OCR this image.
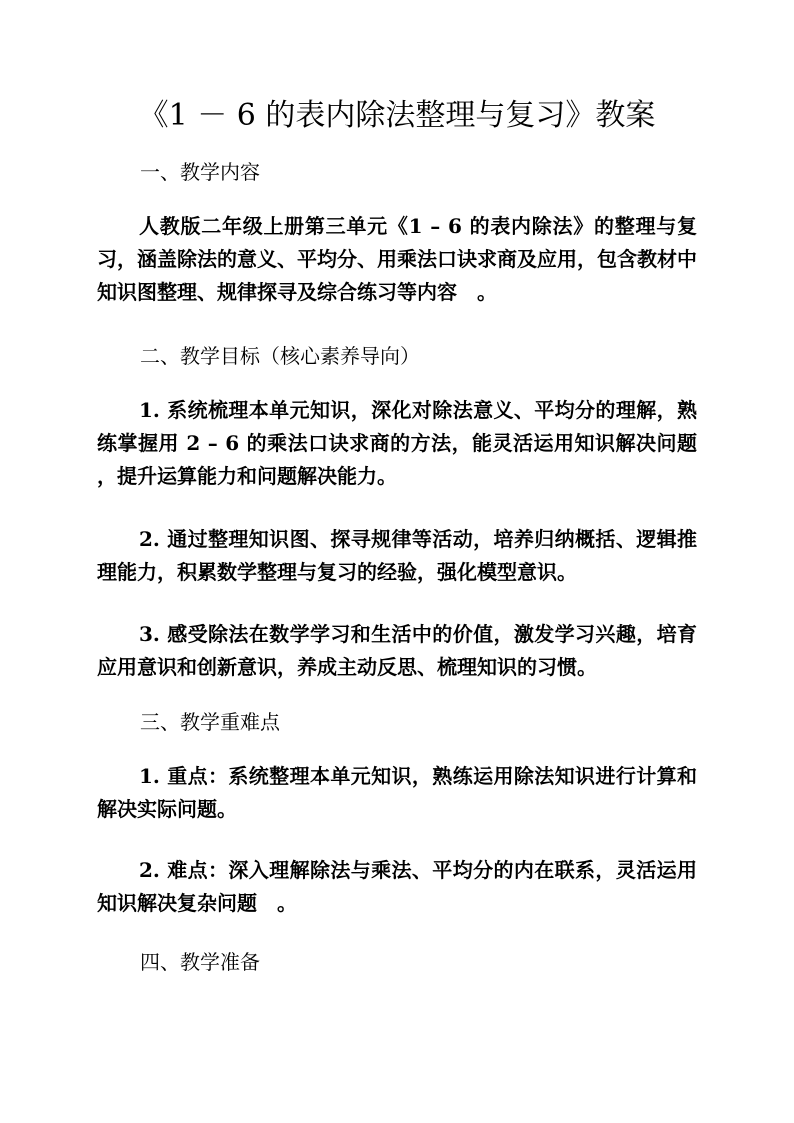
《1 － 6 的表内除法整理与复习》教案
一、教学内容

人教版二年级上册第三单元《1 – 6 的表内除法》的整理与复习，涵盖除法的意义、平均分、用乘法口诀求商及应用，包含教材中知识图整理、规律探寻及综合练习等内容　。

二、教学目标（核心素养导向）

1. 系统梳理本单元知识，深化对除法意义、平均分的理解，熟练掌握用 2 – 6 的乘法口诀求商的方法，能灵活运用知识解决问题，提升运算能力和问题解决能力。

2. 通过整理知识图、探寻规律等活动，培养归纳概括、逻辑推理能力，积累数学整理与复习的经验，强化模型意识。

3. 感受除法在数学学习和生活中的价值，激发学习兴趣，培育应用意识和创新意识，养成主动反思、梳理知识的习惯。

三、教学重难点

1. 重点：系统整理本单元知识，熟练运用除法知识进行计算和解决实际问题。

2. 难点：深入理解除法与乘法、平均分的内在联系，灵活运用知识解决复杂问题　。

四、教学准备
